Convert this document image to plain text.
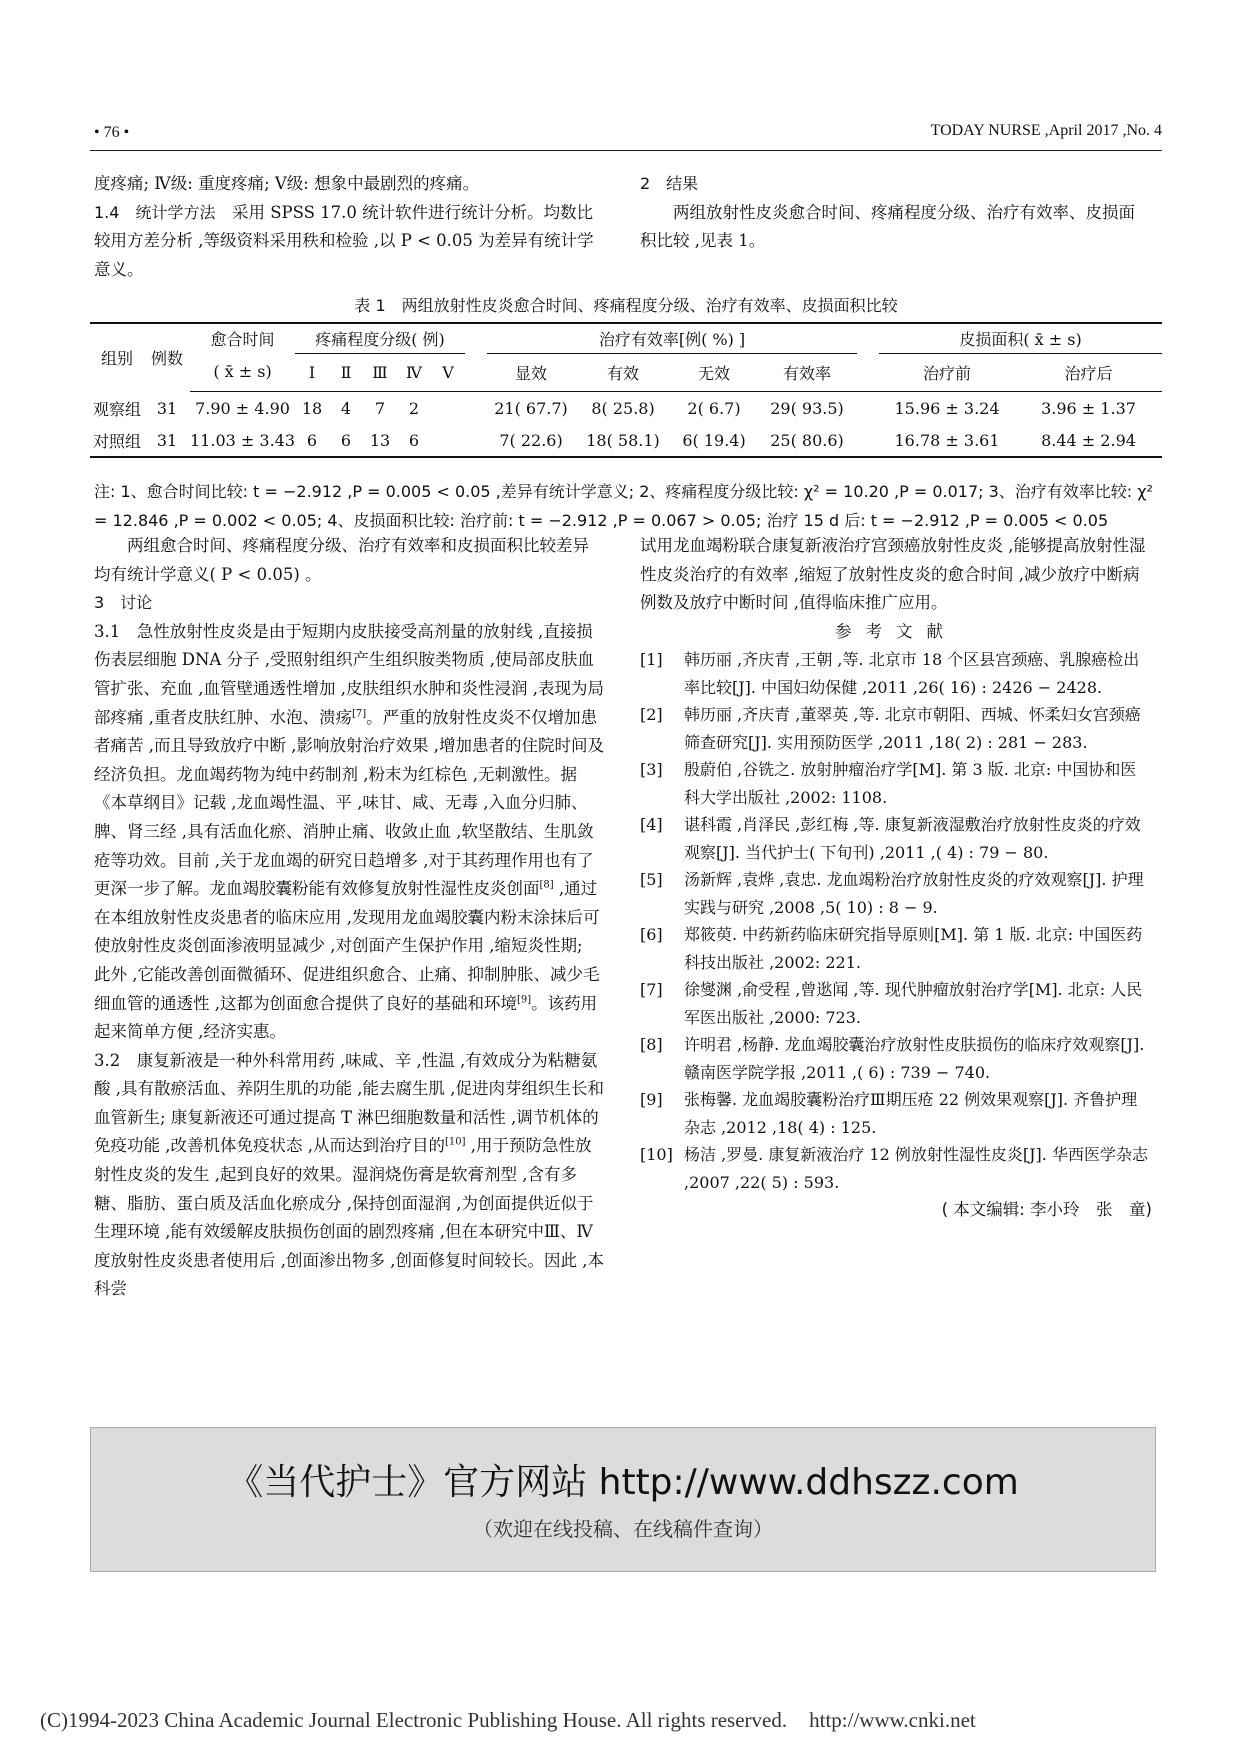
• 76 •	TODAY NURSE ,April 2017 ,No. 4

度疼痛; Ⅳ级: 重度疼痛; Ⅴ级: 想象中最剧烈的疼痛。

1.4　统计学方法　采用 SPSS 17.0 统计软件进行统计分析。均数比较用方差分析 ,等级资料采用秩和检验 ,以 P < 0.05 为差异有统计学意义。

2　结果

两组放射性皮炎愈合时间、疼痛程度分级、治疗有效率、皮损面积比较 ,见表 1。

表 1　两组放射性皮炎愈合时间、疼痛程度分级、治疗有效率、皮损面积比较
组别	例数	愈合时间	疼痛程度分级( 例)						治疗有效率[例( %) ]					皮损面积( x̄ ± s)	
		( x̄ ± s)	Ⅰ	Ⅱ	Ⅲ	Ⅳ	Ⅴ		显效	有效	无效	有效率		治疗前	治疗后
观察组	31	7.90 ± 4.90	18	4	7	2			21( 67.7)	8( 25.8)	2( 6.7)	29( 93.5)		15.96 ± 3.24	3.96 ± 1.37
对照组	31	11.03 ± 3.43	6	6	13	6			7( 22.6)	18( 58.1)	6( 19.4)	25( 80.6)		16.78 ± 3.61	8.44 ± 2.94
注: 1、愈合时间比较: t = −2.912 ,P = 0.005 < 0.05 ,差异有统计学意义; 2、疼痛程度分级比较: χ² = 10.20 ,P = 0.017; 3、治疗有效率比较: χ² = 12.846 ,P = 0.002 < 0.05; 4、皮损面积比较: 治疗前: t = −2.912 ,P = 0.067 > 0.05; 治疗 15 d 后: t = −2.912 ,P = 0.005 < 0.05

两组愈合时间、疼痛程度分级、治疗有效率和皮损面积比较差异均有统计学意义( P < 0.05) 。

3　讨论

3.1　急性放射性皮炎是由于短期内皮肤接受高剂量的放射线 ,直接损伤表层细胞 DNA 分子 ,受照射组织产生组织胺类物质 ,使局部皮肤血管扩张、充血 ,血管壁通透性增加 ,皮肤组织水肿和炎性浸润 ,表现为局部疼痛 ,重者皮肤红肿、水泡、溃疡[7]。严重的放射性皮炎不仅增加患者痛苦 ,而且导致放疗中断 ,影响放射治疗效果 ,增加患者的住院时间及经济负担。龙血竭药物为纯中药制剂 ,粉末为红棕色 ,无刺激性。据《本草纲目》记载 ,龙血竭性温、平 ,味甘、咸、无毒 ,入血分归肺、脾、肾三经 ,具有活血化瘀、消肿止痛、收敛止血 ,软坚散结、生肌敛疮等功效。目前 ,关于龙血竭的研究日趋增多 ,对于其药理作用也有了更深一步了解。龙血竭胶囊粉能有效修复放射性湿性皮炎创面[8] ,通过在本组放射性皮炎患者的临床应用 ,发现用龙血竭胶囊内粉末涂抹后可使放射性皮炎创面渗液明显减少 ,对创面产生保护作用 ,缩短炎性期; 此外 ,它能改善创面微循环、促进组织愈合、止痛、抑制肿胀、减少毛细血管的通透性 ,这都为创面愈合提供了良好的基础和环境[9]。该药用起来简单方便 ,经济实惠。

3.2　康复新液是一种外科常用药 ,味咸、辛 ,性温 ,有效成分为粘糖氨酸 ,具有散瘀活血、养阴生肌的功能 ,能去腐生肌 ,促进肉芽组织生长和血管新生; 康复新液还可通过提高 T 淋巴细胞数量和活性 ,调节机体的免疫功能 ,改善机体免疫状态 ,从而达到治疗目的[10] ,用于预防急性放射性皮炎的发生 ,起到良好的效果。湿润烧伤膏是软膏剂型 ,含有多糖、脂肪、蛋白质及活血化瘀成分 ,保持创面湿润 ,为创面提供近似于生理环境 ,能有效缓解皮肤损伤创面的剧烈疼痛 ,但在本研究中Ⅲ、Ⅳ度放射性皮炎患者使用后 ,创面渗出物多 ,创面修复时间较长。因此 ,本科尝

试用龙血竭粉联合康复新液治疗宫颈癌放射性皮炎 ,能够提高放射性湿性皮炎治疗的有效率 ,缩短了放射性皮炎的愈合时间 ,减少放疗中断病例数及放疗中断时间 ,值得临床推广应用。

参考文献

[1] 韩历丽 ,齐庆青 ,王朝 ,等. 北京市 18 个区县宫颈癌、乳腺癌检出率比较[J]. 中国妇幼保健 ,2011 ,26( 16) : 2426 − 2428.

[2] 韩历丽 ,齐庆青 ,董翠英 ,等. 北京市朝阳、西城、怀柔妇女宫颈癌筛查研究[J]. 实用预防医学 ,2011 ,18( 2) : 281 − 283.

[3] 殷蔚伯 ,谷铣之. 放射肿瘤治疗学[M]. 第 3 版. 北京: 中国协和医科大学出版社 ,2002: 1108.

[4] 谌科霞 ,肖泽民 ,彭红梅 ,等. 康复新液湿敷治疗放射性皮炎的疗效观察[J]. 当代护士( 下旬刊) ,2011 ,( 4) : 79 − 80.

[5] 汤新辉 ,袁烨 ,袁忠. 龙血竭粉治疗放射性皮炎的疗效观察[J]. 护理实践与研究 ,2008 ,5( 10) : 8 − 9.

[6] 郑筱萸. 中药新药临床研究指导原则[M]. 第 1 版. 北京: 中国医药科技出版社 ,2002: 221.

[7] 徐燮渊 ,俞受程 ,曾逖闻 ,等. 现代肿瘤放射治疗学[M]. 北京: 人民军医出版社 ,2000: 723.

[8] 许明君 ,杨静. 龙血竭胶囊治疗放射性皮肤损伤的临床疗效观察[J]. 赣南医学院学报 ,2011 ,( 6) : 739 − 740.

[9] 张梅馨. 龙血竭胶囊粉治疗Ⅲ期压疮 22 例效果观察[J]. 齐鲁护理杂志 ,2012 ,18( 4) : 125.

[10] 杨洁 ,罗曼. 康复新液治疗 12 例放射性湿性皮炎[J]. 华西医学杂志 ,2007 ,22( 5) : 593.

( 本文编辑: 李小玲　张　童)

《当代护士》官方网站 http://www.ddhszz.com
（欢迎在线投稿、在线稿件查询）
(C)1994-2023 China Academic Journal Electronic Publishing House. All rights reserved. http://www.cnki.net
